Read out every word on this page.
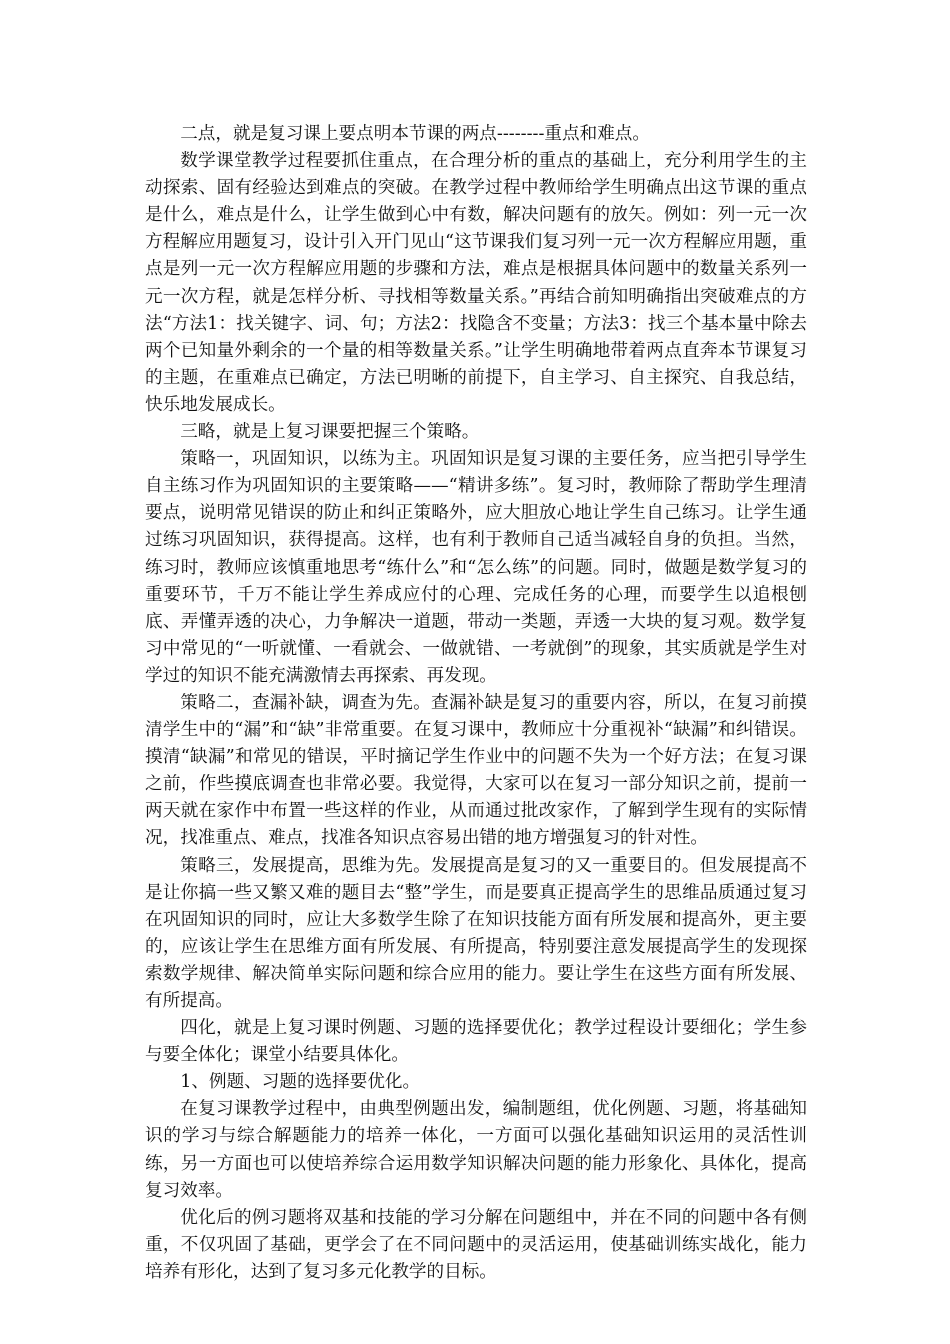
二点，就是复习课上要点明本节课的两点--------重点和难点。

数学课堂教学过程要抓住重点，在合理分析的重点的基础上，充分利用学生的主动探索、固有经验达到难点的突破。在教学过程中教师给学生明确点出这节课的重点是什么，难点是什么，让学生做到心中有数，解决问题有的放矢。例如：列一元一次方程解应用题复习，设计引入开门见山“这节课我们复习列一元一次方程解应用题，重点是列一元一次方程解应用题的步骤和方法，难点是根据具体问题中的数量关系列一元一次方程，就是怎样分析、寻找相等数量关系。”再结合前知明确指出突破难点的方法“方法1：找关键字、词、句；方法2：找隐含不变量；方法3：找三个基本量中除去两个已知量外剩余的一个量的相等数量关系。”让学生明确地带着两点直奔本节课复习的主题，在重难点已确定，方法已明晰的前提下，自主学习、自主探究、自我总结，快乐地发展成长。

三略，就是上复习课要把握三个策略。

策略一，巩固知识，以练为主。巩固知识是复习课的主要任务，应当把引导学生自主练习作为巩固知识的主要策略——“精讲多练”。复习时，教师除了帮助学生理清要点，说明常见错误的防止和纠正策略外，应大胆放心地让学生自己练习。让学生通过练习巩固知识，获得提高。这样，也有利于教师自己适当减轻自身的负担。当然，练习时，教师应该慎重地思考“练什么”和“怎么练”的问题。同时，做题是数学复习的重要环节，千万不能让学生养成应付的心理、完成任务的心理，而要学生以追根刨底、弄懂弄透的决心，力争解决一道题，带动一类题，弄透一大块的复习观。数学复习中常见的“一听就懂、一看就会、一做就错、一考就倒”的现象，其实质就是学生对学过的知识不能充满激情去再探索、再发现。

策略二，查漏补缺，调查为先。查漏补缺是复习的重要内容，所以，在复习前摸清学生中的“漏”和“缺”非常重要。在复习课中，教师应十分重视补“缺漏”和纠错误。摸清“缺漏”和常见的错误，平时摘记学生作业中的问题不失为一个好方法；在复习课之前，作些摸底调查也非常必要。我觉得，大家可以在复习一部分知识之前，提前一两天就在家作中布置一些这样的作业，从而通过批改家作，了解到学生现有的实际情况，找准重点、难点，找准各知识点容易出错的地方增强复习的针对性。

策略三，发展提高，思维为先。发展提高是复习的又一重要目的。但发展提高不是让你搞一些又繁又难的题目去“整”学生，而是要真正提高学生的思维品质通过复习在巩固知识的同时，应让大多数学生除了在知识技能方面有所发展和提高外，更主要的，应该让学生在思维方面有所发展、有所提高，特别要注意发展提高学生的发现探索数学规律、解决简单实际问题和综合应用的能力。要让学生在这些方面有所发展、有所提高。

四化，就是上复习课时例题、习题的选择要优化；教学过程设计要细化；学生参与要全体化；课堂小结要具体化。

1、例题、习题的选择要优化。

在复习课教学过程中，由典型例题出发，编制题组，优化例题、习题，将基础知识的学习与综合解题能力的培养一体化，一方面可以强化基础知识运用的灵活性训练，另一方面也可以使培养综合运用数学知识解决问题的能力形象化、具体化，提高复习效率。

优化后的例习题将双基和技能的学习分解在问题组中，并在不同的问题中各有侧重，不仅巩固了基础，更学会了在不同问题中的灵活运用，使基础训练实战化，能力培养有形化，达到了复习多元化教学的目标。
